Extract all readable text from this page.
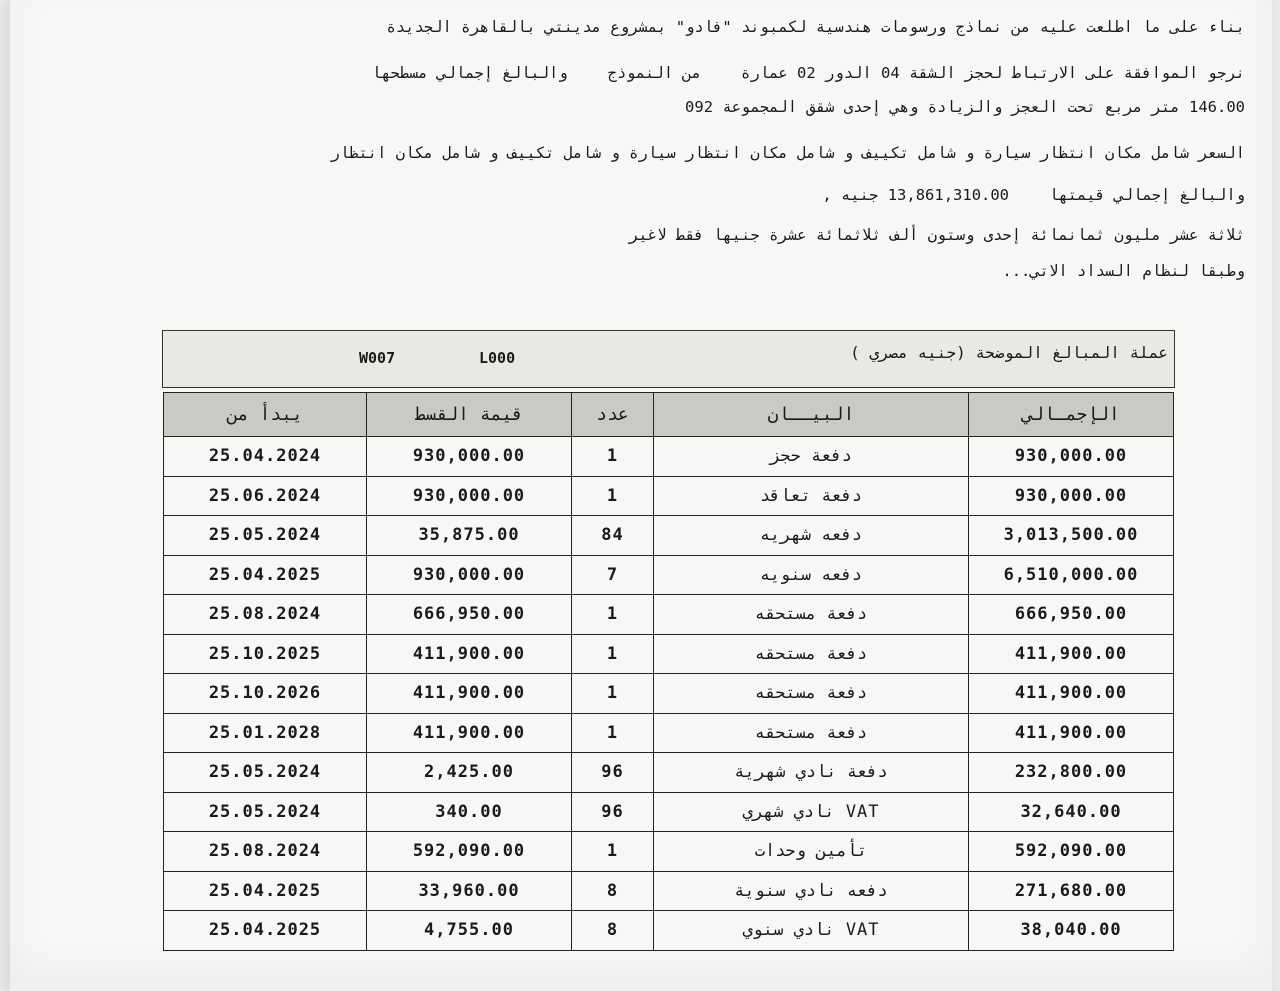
بناء على ما اطلعت عليه من نماذج ورسومات هندسية لكمبوند "فادو" بمشروع مدينتي بالقاهرة الجديدة
نرجو الموافقة على الارتباط لحجز الشقة 04 الدور 02 عمارةمن النموذجوالبالغ إجمالي مسطحها
146.00 متر مربع تحت العجز والزيادة وهي إحدى شقق المجموعة 092
السعر شامل مكان انتظار سيارة و شامل تكييف و شامل مكان انتظار سيارة و شامل تكييف و شامل مكان انتظار
والبالغ إجمالي قيمتها13,861,310.00 جنيه ,
ثلاثة عشر مليون ثمانمائة إحدى وستون ألف ثلاثمائة عشرة جنيها فقط لاغير
وطبقا لنظام السداد الاتي...
عملة المبالغ الموضحة (جنيه مصري )
W007	L000
يبدأ من	قيمة القسط	عدد	البيــان	الإجمـالي
25.04.2024	930,000.00	1	دفعة حجز	930,000.00
25.06.2024	930,000.00	1	دفعة تعاقد	930,000.00
25.05.2024	35,875.00	84	دفعه شهريه	3,013,500.00
25.04.2025	930,000.00	7	دفعه سنويه	6,510,000.00
25.08.2024	666,950.00	1	دفعة مستحقه	666,950.00
25.10.2025	411,900.00	1	دفعة مستحقه	411,900.00
25.10.2026	411,900.00	1	دفعة مستحقه	411,900.00
25.01.2028	411,900.00	1	دفعة مستحقه	411,900.00
25.05.2024	2,425.00	96	دفعة نادي شهرية	232,800.00
25.05.2024	340.00	96	VAT نادي شهري	32,640.00
25.08.2024	592,090.00	1	تأمين وحدات	592,090.00
25.04.2025	33,960.00	8	دفعه نادي سنوية	271,680.00
25.04.2025	4,755.00	8	VAT نادي سنوي	38,040.00
